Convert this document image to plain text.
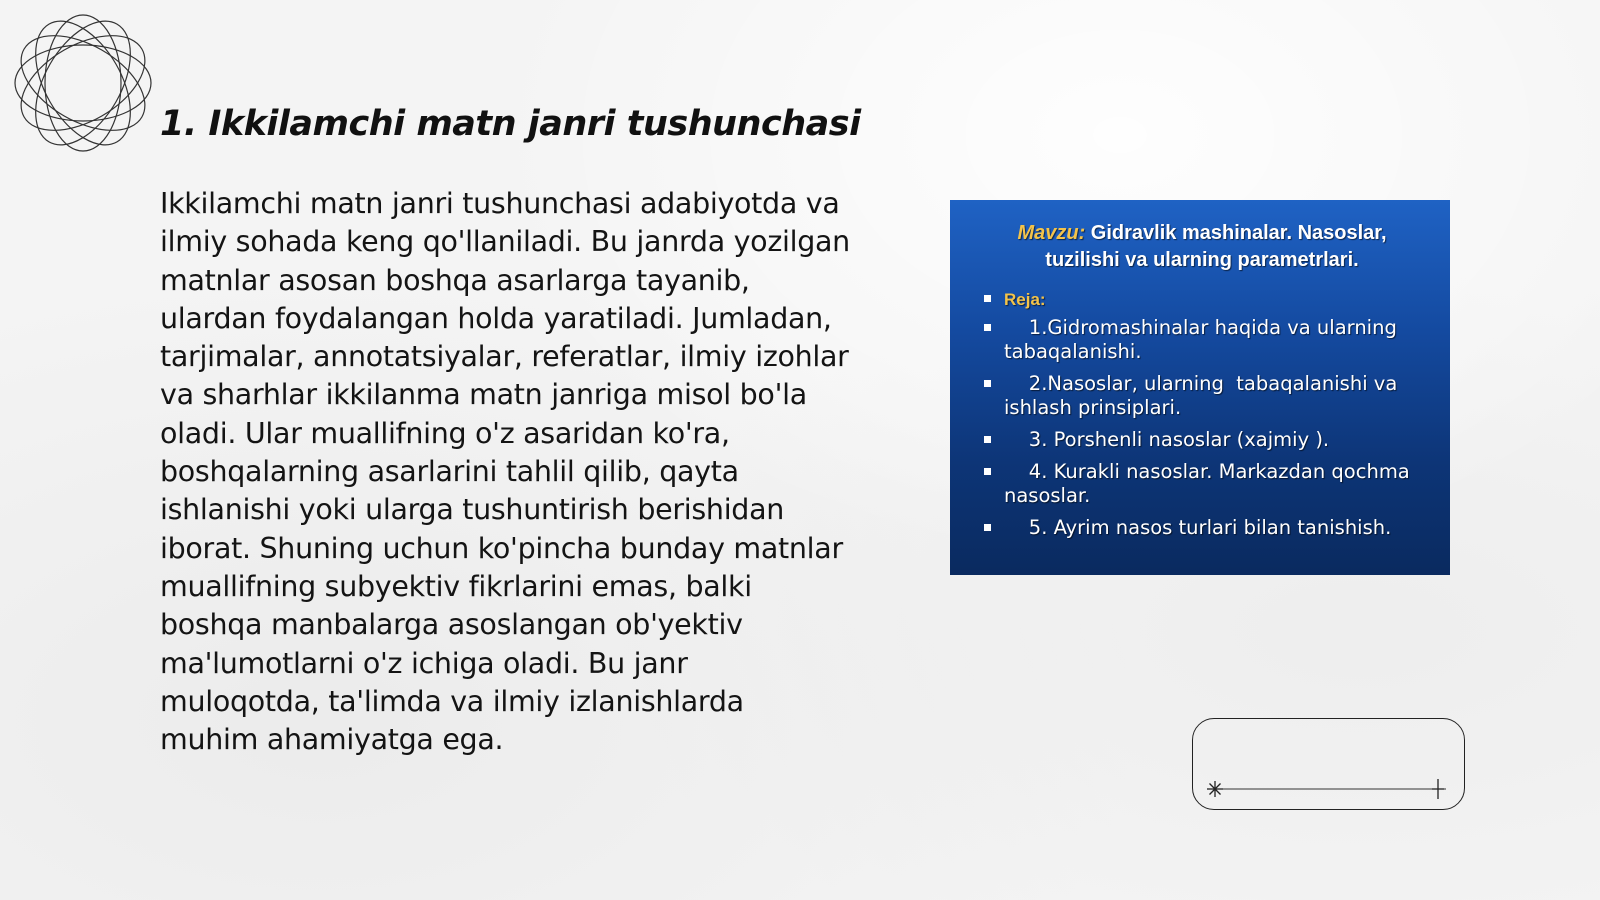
1. Ikkilamchi matn janri tushunchasi
Ikkilamchi matn janri tushunchasi adabiyotda va ilmiy sohada keng qo'llaniladi. Bu janrda yozilgan matnlar asosan boshqa asarlarga tayanib, ulardan foydalangan holda yaratiladi. Jumladan, tarjimalar, annotatsiyalar, referatlar, ilmiy izohlar va sharhlar ikkilanma matn janriga misol bo'la oladi. Ular muallifning o'z asaridan ko'ra, boshqalarning asarlarini tahlil qilib, qayta ishlanishi yoki ularga tushuntirish berishidan iborat. Shuning uchun ko'pincha bunday matnlar muallifning subyektiv fikrlarini emas, balki boshqa manbalarga asoslangan ob'yektiv ma'lumotlarni o'z ichiga oladi. Bu janr muloqotda, ta'limda va ilmiy izlanishlarda muhim ahamiyatga ega.
Mavzu: Gidravlik mashinalar. Nasoslar,
tuzilishi va ularning parametrlari.
Reja:
1.Gidromashinalar haqida va ularning tabaqalanishi.
2.Nasoslar, ularning  tabaqalanishi va ishlash prinsiplari.
3. Porshenli nasoslar (xajmiy ).
4. Kurakli nasoslar. Markazdan qochma nasoslar.
5. Ayrim nasos turlari bilan tanishish.
